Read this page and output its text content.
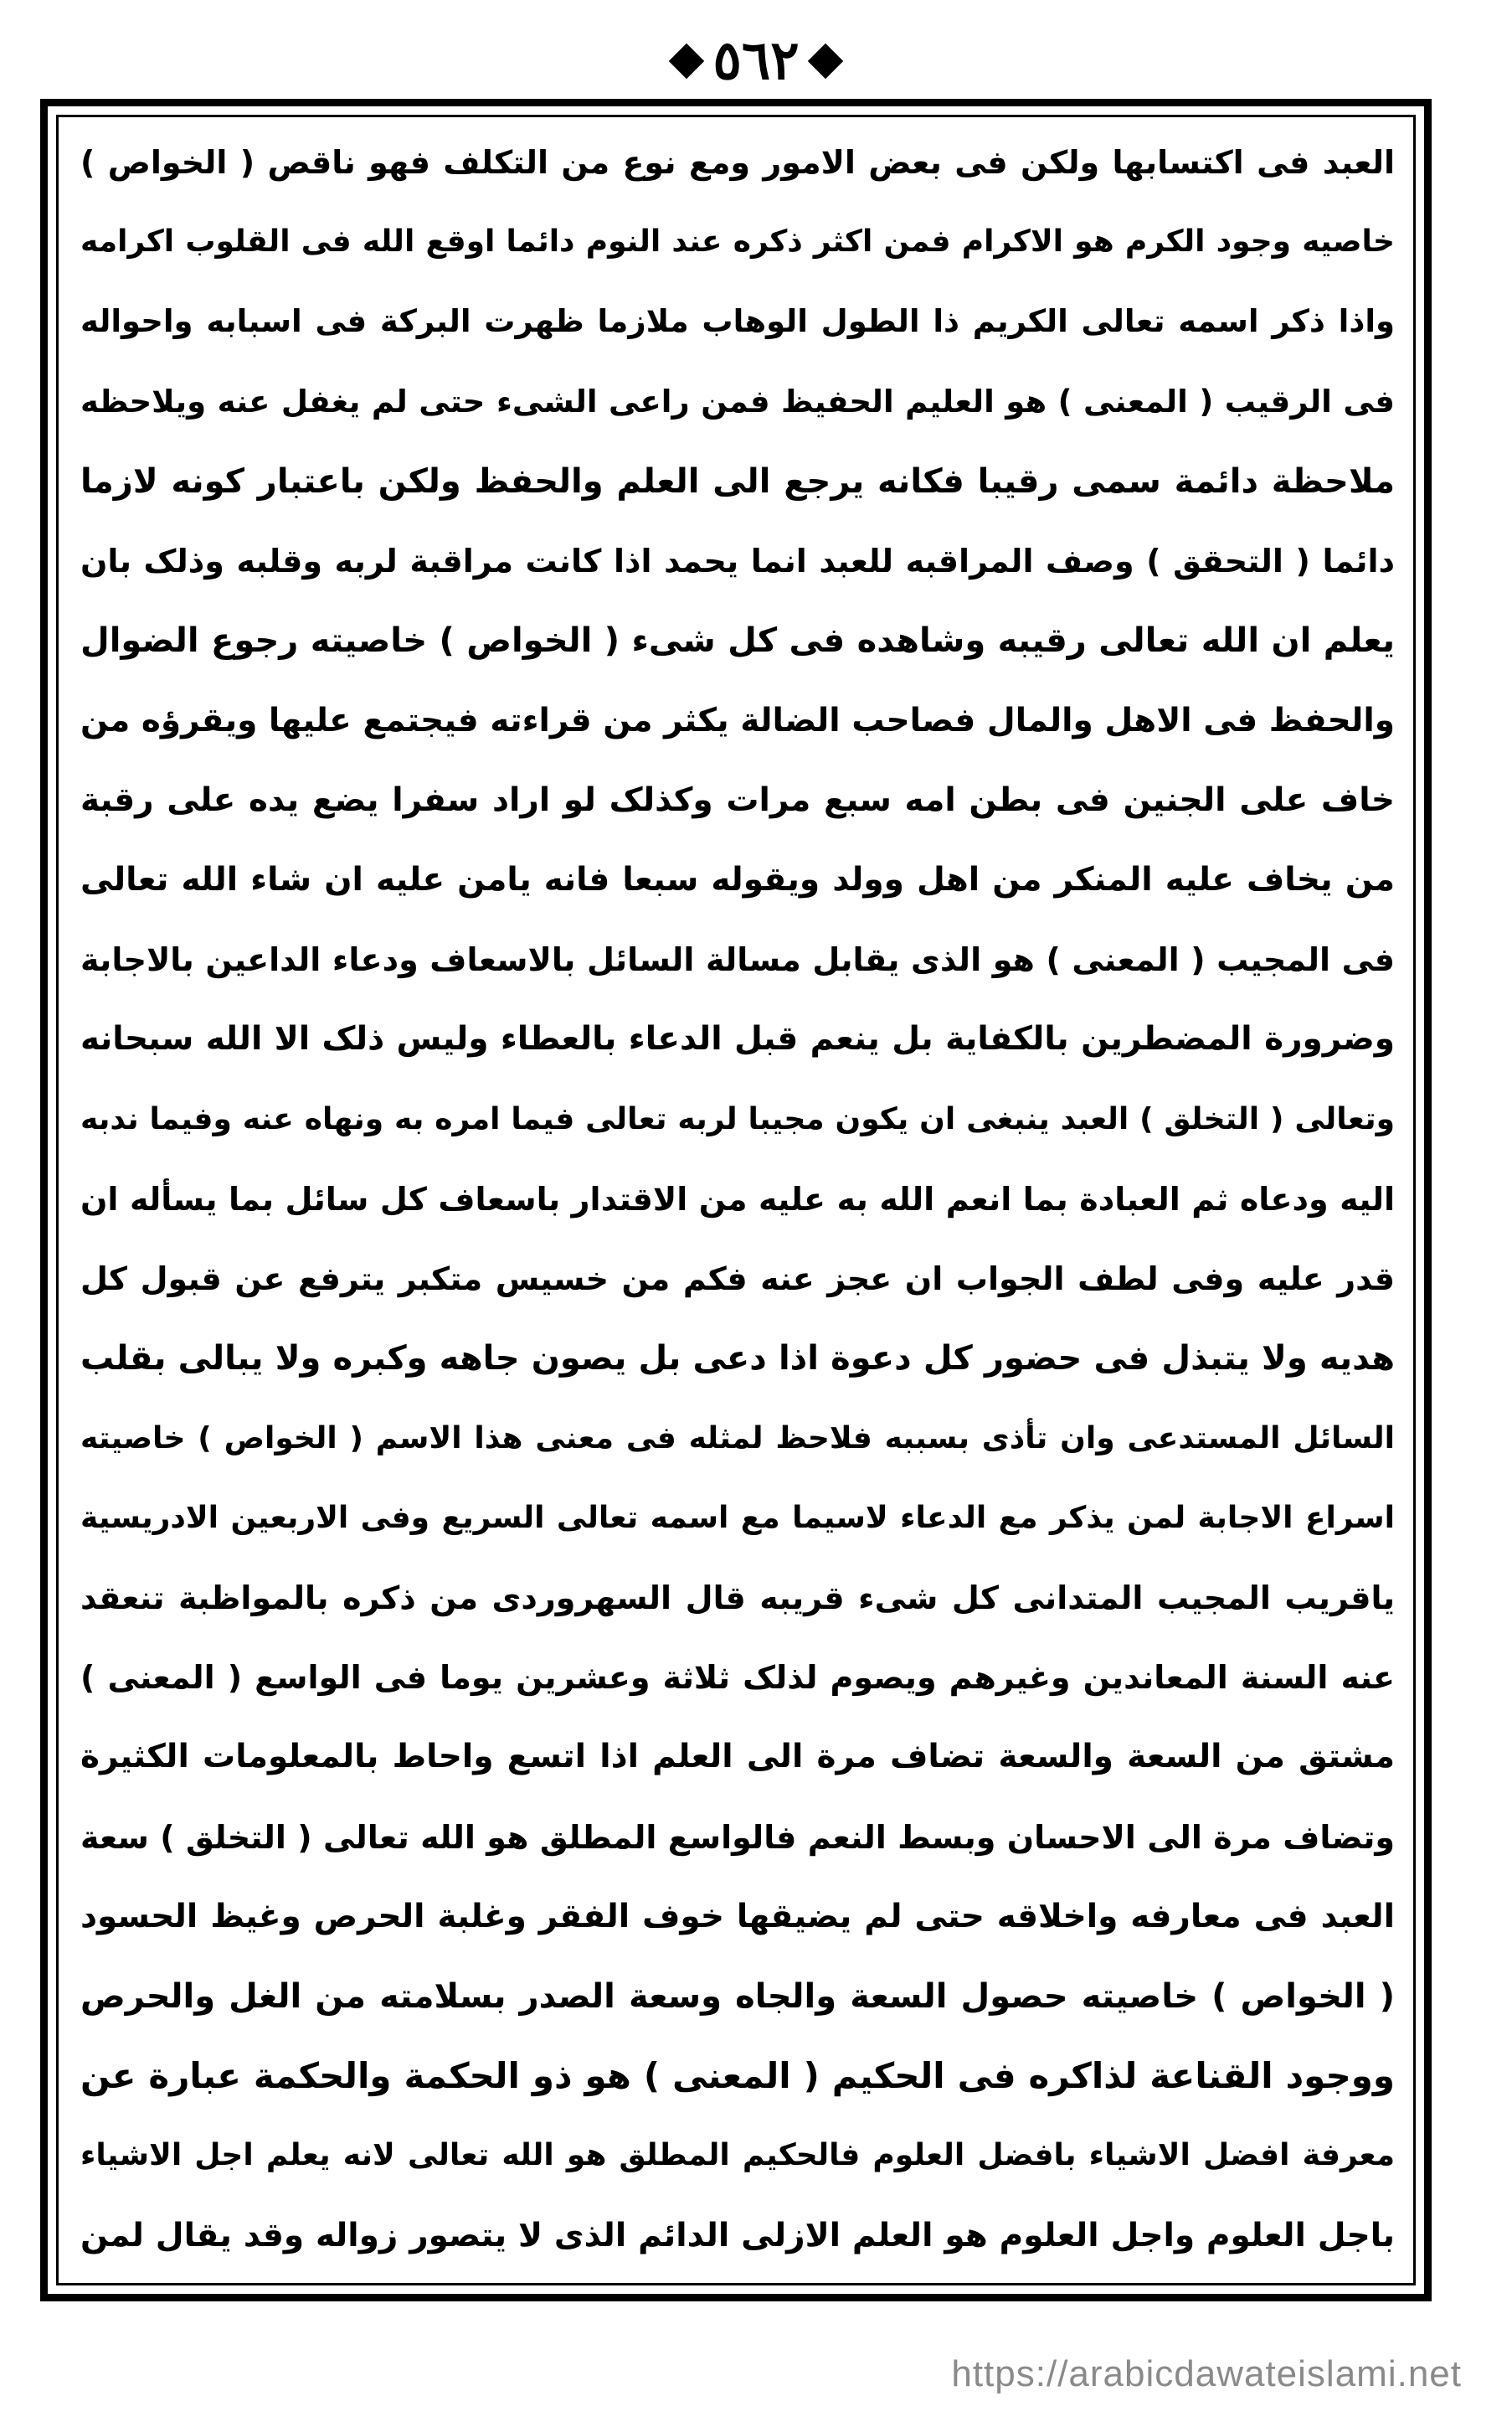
٥٦٢
العبد فی اکتسابها ولکن فی بعض الامور ومع نوع من التکلف فهو ناقص ( الخواص )
خاصیه وجود الکرم هو الاکرام فمن اکثر ذکره عند النوم دائما اوقع الله فی القلوب اکرامه
واذا ذکر اسمه تعالى الکریم ذا الطول الوهاب ملازما ظهرت البرکة فی اسبابه واحواله
فی الرقیب ( المعنى ) هو العلیم الحفیظ فمن راعی الشیء حتى لم یغفل عنه ویلاحظه
ملاحظة دائمة سمی رقیبا فکانه یرجع الى العلم والحفظ ولکن باعتبار کونه لازما
دائما ( التحقق ) وصف المراقبه للعبد انما یحمد اذا کانت مراقبة لربه وقلبه وذلک بان
یعلم ان الله تعالى رقیبه وشاهده فی کل شیء ( الخواص ) خاصیته رجوع الضوال
والحفظ فی الاهل والمال فصاحب الضالة یکثر من قراءته فیجتمع علیها ویقرؤه من
خاف على الجنین فی بطن امه سبع مرات وکذلک لو اراد سفرا یضع یده على رقبة
من یخاف علیه المنکر من اهل وولد ویقوله سبعا فانه یامن علیه ان شاء الله تعالى
فی المجیب ( المعنى ) هو الذی یقابل مسالة السائل بالاسعاف ودعاء الداعین بالاجابة
وضرورة المضطرین بالکفایة بل ینعم قبل الدعاء بالعطاء ولیس ذلک الا الله سبحانه
وتعالى ( التخلق ) العبد ینبغی ان یکون مجیبا لربه تعالى فیما امره به ونهاه عنه وفیما ندبه
الیه ودعاه ثم العبادة بما انعم الله به علیه من الاقتدار باسعاف کل سائل بما یسأله ان
قدر علیه وفی لطف الجواب ان عجز عنه فکم من خسیس متکبر یترفع عن قبول کل
هدیه ولا یتبذل فی حضور کل دعوة اذا دعی بل یصون جاهه وکبره ولا یبالی بقلب
السائل المستدعی وان تأذى بسببه فلاحظ لمثله فی معنى هذا الاسم ( الخواص ) خاصیته
اسراع الاجابة لمن یذکر مع الدعاء لاسیما مع اسمه تعالى السریع وفی الاربعین الادریسیة
یاقریب المجیب المتدانی کل شیء قریبه قال السهروردی من ذکره بالمواظبة تنعقد
عنه السنة المعاندین وغیرهم ویصوم لذلک ثلاثة وعشرین یوما فی الواسع ( المعنى )
مشتق من السعة والسعة تضاف مرة الى العلم اذا اتسع واحاط بالمعلومات الکثیرة
وتضاف مرة الى الاحسان وبسط النعم فالواسع المطلق هو الله تعالى ( التخلق ) سعة
العبد فی معارفه واخلاقه حتى لم یضیقها خوف الفقر وغلبة الحرص وغیظ الحسود
( الخواص ) خاصیته حصول السعة والجاه وسعة الصدر بسلامته من الغل والحرص
ووجود القناعة لذاکره فی الحکیم ( المعنى ) هو ذو الحکمة والحکمة عبارة عن
معرفة افضل الاشیاء بافضل العلوم فالحکیم المطلق هو الله تعالى لانه یعلم اجل الاشیاء
باجل العلوم واجل العلوم هو العلم الازلی الدائم الذی لا یتصور زواله وقد یقال لمن
https://arabicdawateislami.net
